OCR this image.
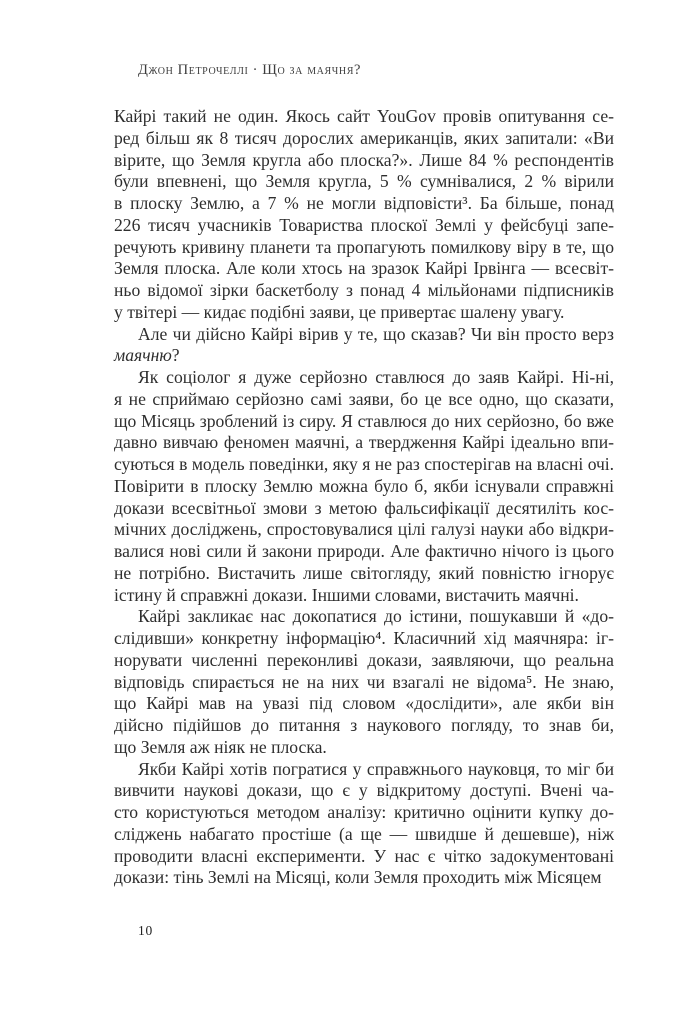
Джон Петрочеллі · Що за маячня?
Кайрі такий не один. Якось сайт YouGov провів опитування се-
ред більш як 8 тисяч дорослих американців, яких запитали: «Ви
вірите, що Земля кругла або плоска?». Лише 84 % респондентів
були впевнені, що Земля кругла, 5 % сумнівалися, 2 % вірили
в плоску Землю, а 7 % не могли відповісти³. Ба більше, понад
226 тисяч учасників Товариства плоскої Землі у фейсбуці запе-
речують кривину планети та пропагують помилкову віру в те, що
Земля плоска. Але коли хтось на зразок Кайрі Ірвінга — всесвіт-
ньо відомої зірки баскетболу з понад 4 мільйонами підписників
у твітері — кидає подібні заяви, це привертає шалену увагу.
Але чи дійсно Кайрі вірив у те, що сказав? Чи він просто верз
маячню?
Як соціолог я дуже серйозно ставлюся до заяв Кайрі. Ні-ні,
я не сприймаю серйозно самі заяви, бо це все одно, що сказати,
що Місяць зроблений із сиру. Я ставлюся до них серйозно, бо вже
давно вивчаю феномен маячні, а твердження Кайрі ідеально впи-
суються в модель поведінки, яку я не раз спостерігав на власні очі.
Повірити в плоску Землю можна було б, якби існували справжні
докази всесвітньої змови з метою фальсифікації десятиліть кос-
мічних досліджень, спростовувалися цілі галузі науки або відкри-
валися нові сили й закони природи. Але фактично нічого із цього
не потрібно. Вистачить лише світогляду, який повністю ігнорує
істину й справжні докази. Іншими словами, вистачить маячні.
Кайрі закликає нас докопатися до істини, пошукавши й «до-
слідивши» конкретну інформацію⁴. Класичний хід маячняра: іг-
норувати численні переконливі докази, заявляючи, що реальна
відповідь спирається не на них чи взагалі не відома⁵. Не знаю,
що Кайрі мав на увазі під словом «дослідити», але якби він
дійсно підійшов до питання з наукового погляду, то знав би,
що Земля аж ніяк не плоска.
Якби Кайрі хотів погратися у справжнього науковця, то міг би
вивчити наукові докази, що є у відкритому доступі. Вчені ча-
сто користуються методом аналізу: критично оцінити купку до-
сліджень набагато простіше (а ще — швидше й дешевше), ніж
проводити власні експерименти. У нас є чітко задокументовані
докази: тінь Землі на Місяці, коли Земля проходить між Місяцем
10
